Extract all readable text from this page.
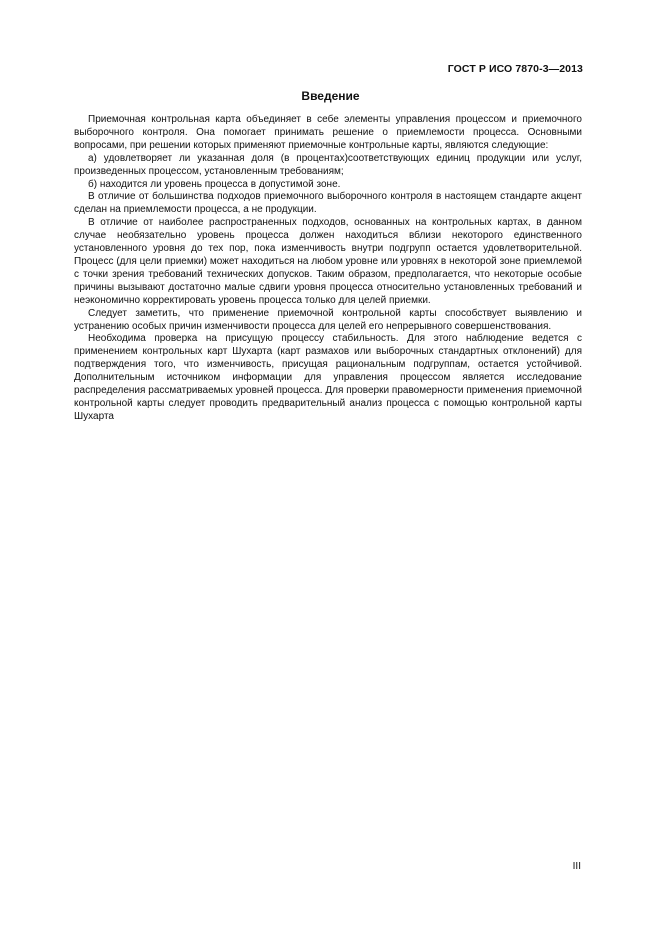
ГОСТ Р ИСО 7870-3—2013
Введение

Приемочная контрольная карта объединяет в себе элементы управления процессом и приемочного выборочного контроля. Она помогает принимать решение о приемлемости процесса. Основными вопросами, при решении которых применяют приемочные контрольные карты, являются следующие:

а) удовлетворяет ли указанная доля (в процентах)соответствующих единиц продукции или услуг, произведенных процессом, установленным требованиям;

б) находится ли уровень процесса в допустимой зоне.

В отличие от большинства подходов приемочного выборочного контроля в настоящем стандарте акцент сделан на приемлемости процесса, а не продукции.

В отличие от наиболее распространенных подходов, основанных на контрольных картах, в данном случае необязательно уровень процесса должен находиться вблизи некоторого единственного установленного уровня до тех пор, пока изменчивость внутри подгрупп остается удовлетворительной. Процесс (для цели приемки) может находиться на любом уровне или уровнях в некоторой зоне приемлемой с точки зрения требований технических допусков. Таким образом, предполагается, что некоторые особые причины вызывают достаточно малые сдвиги уровня процесса относительно установленных требований и неэкономично корректировать уровень процесса только для целей приемки.

Следует заметить, что применение приемочной контрольной карты способствует выявлению и устранению особых причин изменчивости процесса для целей его непрерывного совершенствования.

Необходима проверка на присущую процессу стабильность. Для этого наблюдение ведется с применением контрольных карт Шухарта (карт размахов или выборочных стандартных отклонений) для подтверждения того, что изменчивость, присущая рациональным подгруппам, остается устойчивой. Дополнительным источником информации для управления процессом является исследование распределения рассматриваемых уровней процесса. Для проверки правомерности применения приемочной контрольной карты следует проводить предварительный анализ процесса с помощью контрольной карты Шухарта

III
